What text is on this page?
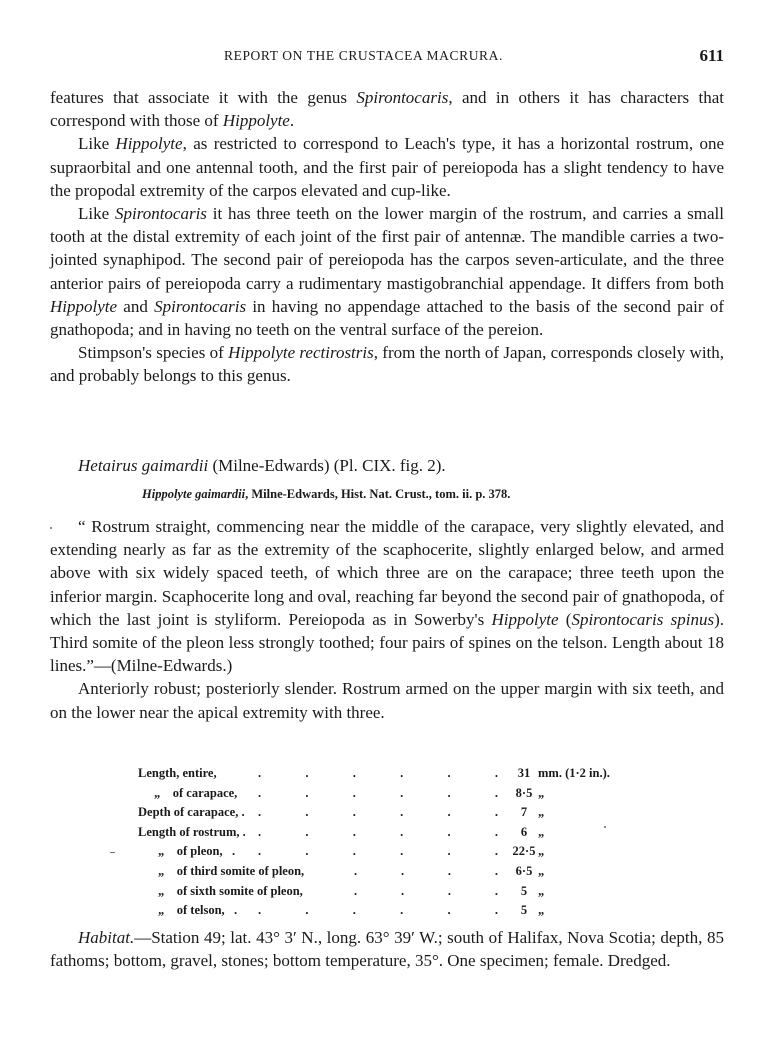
REPORT ON THE CRUSTACEA MACRURA.	611

features that associate it with the genus Spirontocaris, and in others it has characters that correspond with those of Hippolyte.

Like Hippolyte, as restricted to correspond to Leach's type, it has a horizontal rostrum, one supraorbital and one antennal tooth, and the first pair of pereiopoda has a slight tendency to have the propodal extremity of the carpos elevated and cup-like.

Like Spirontocaris it has three teeth on the lower margin of the rostrum, and carries a small tooth at the distal extremity of each joint of the first pair of antennæ. The mandible carries a two-jointed synaphipod. The second pair of pereiopoda has the carpos seven-articulate, and the three anterior pairs of pereiopoda carry a rudimentary mastigobranchial appendage. It differs from both Hippolyte and Spirontocaris in having no appendage attached to the basis of the second pair of gnathopoda; and in having no teeth on the ventral surface of the pereion.

Stimpson's species of Hippolyte rectirostris, from the north of Japan, corresponds closely with, and probably belongs to this genus.

Hetairus gaimardii (Milne-Edwards) (Pl. CIX. fig. 2).
Hippolyte gaimardii, Milne-Edwards, Hist. Nat. Crust., tom. ii. p. 378.

“ Rostrum straight, commencing near the middle of the carapace, very slightly elevated, and extending nearly as far as the extremity of the scaphocerite, slightly enlarged below, and armed above with six widely spaced teeth, of which three are on the carapace; three teeth upon the inferior margin. Scaphocerite long and oval, reaching far beyond the second pair of gnathopoda, of which the last joint is styliform. Pereiopoda as in Sowerby's Hippolyte (Spirontocaris spinus). Third somite of the pleon less strongly toothed; four pairs of spines on the telson. Length about 18 lines.”—(Milne-Edwards.)

Anteriorly robust; posteriorly slender. Rostrum armed on the upper margin with six teeth, and on the lower near the apical extremity with three.

Length, entire,	.	.	.	.	.	.	31 mm. (1·2 in.).
„    of carapace, .	.	.	.	.	.	8·5 „
Depth of carapace, . .	.	.	.	.	.	7 „
Length of rostrum, . .	.	.	.	.	.	6 „
„    of pleon,   . .	.	.	.	.	.	22·5 „
„    of third somite of pleon,	.	.	.	.	6·5 „
„    of sixth somite of pleon,	.	.	.	.	5 „
„    of telson,   . .	.	.	.	.	.	5 „

Habitat.—Station 49; lat. 43° 3′ N., long. 63° 39′ W.; south of Halifax, Nova Scotia; depth, 85 fathoms; bottom, gravel, stones; bottom temperature, 35°. One specimen; female. Dredged.
